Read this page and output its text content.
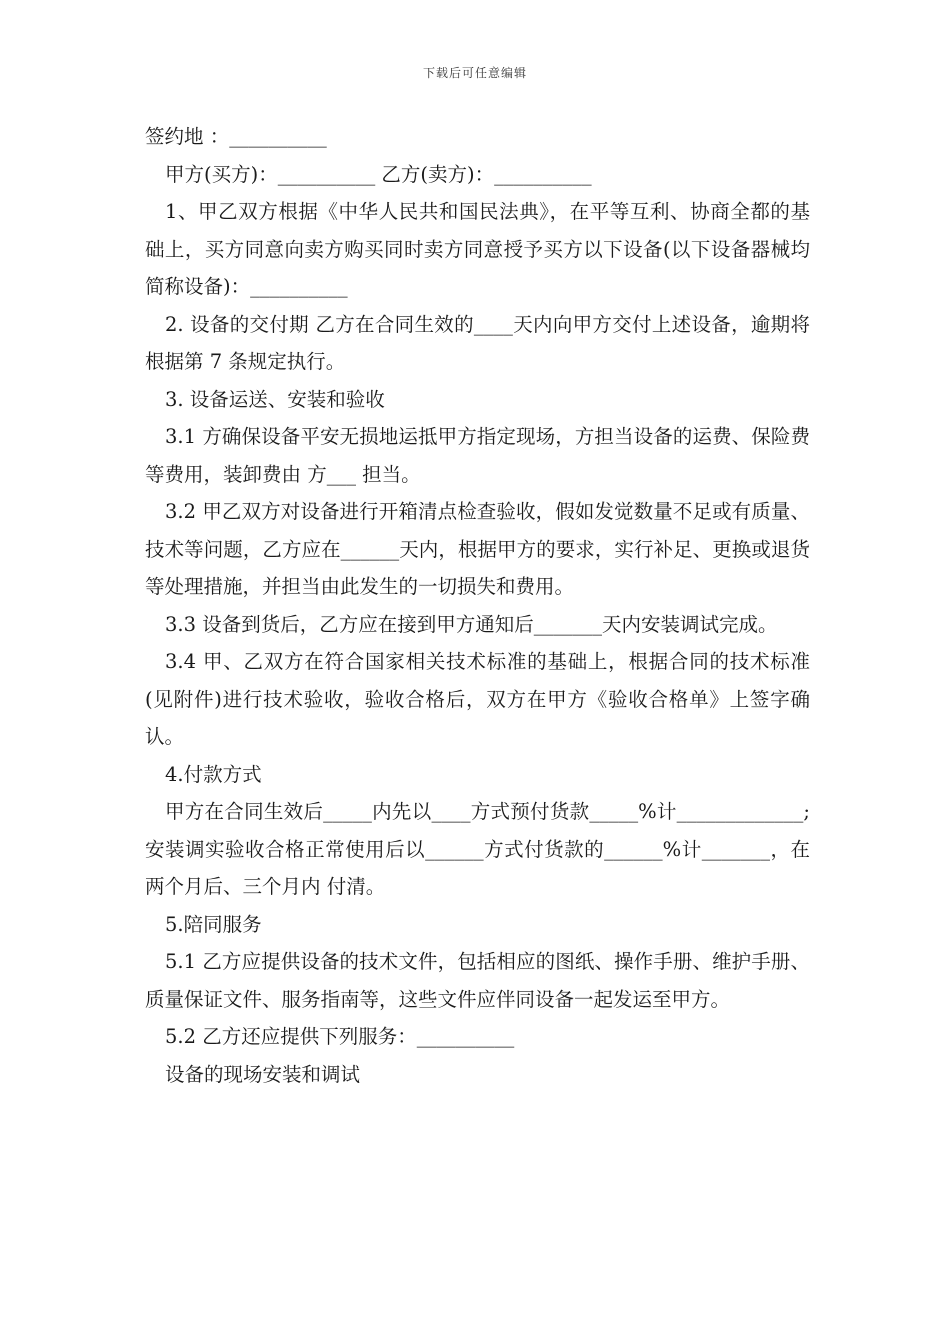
下载后可任意编辑

签约地 ：__________

甲方(买方)：__________ 乙方(卖方)：__________

1、甲乙双方根据《中华人民共和国民法典》，在平等互利、协商全都的基础上，买方同意向卖方购买同时卖方同意授予买方以下设备(以下设备器械均简称设备)：__________

2. 设备的交付期 乙方在合同生效的____天内向甲方交付上述设备，逾期将根据第 7 条规定执行。

3. 设备运送、安装和验收

3.1 方确保设备平安无损地运抵甲方指定现场，方担当设备的运费、保险费等费用，装卸费由 方___ 担当。

3.2 甲乙双方对设备进行开箱清点检查验收，假如发觉数量不足或有质量、技术等问题，乙方应在______天内，根据甲方的要求，实行补足、更换或退货等处理措施，并担当由此发生的一切损失和费用。

3.3 设备到货后，乙方应在接到甲方通知后_______天内安装调试完成。

3.4 甲、乙双方在符合国家相关技术标准的基础上，根据合同的技术标准(见附件)进行技术验收，验收合格后，双方在甲方《验收合格单》上签字确认。

4.付款方式

甲方在合同生效后_____内先以____方式预付货款_____%计_____________;安装调实验收合格正常使用后以______方式付货款的______%计_______，在 两个月后、三个月内 付清。

5.陪同服务

5.1 乙方应提供设备的技术文件，包括相应的图纸、操作手册、维护手册、质量保证文件、服务指南等，这些文件应伴同设备一起发运至甲方。

5.2 乙方还应提供下列服务：__________

设备的现场安装和调试
